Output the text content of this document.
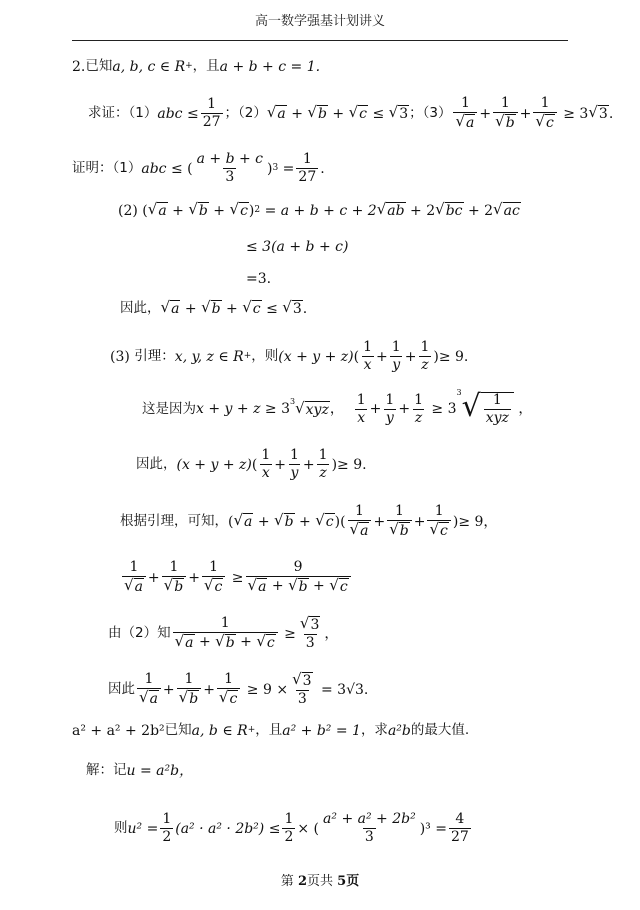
高一数学强基计划讲义
2. 已知 a, b, c ∈ R+ ，且 a + b + c = 1.
求证：（1） abc
≤ $\frac{1}{27}$ ；（2） √ a + √ b + √ c
≤
√ 3 ；（3）
1
√ a
+
1
√ b
+ $\frac{1}{√ c}$
≥ 3 √ 3 .
证明：（1） abc
≤ ( $\frac{a + b + c}{3} )^3$ =
1
27
.
(2) ( √ a + √ b + √ c )$^2$
= a + b + c + 2 √ ab
+ 2 √ bc
+ 2 √ ac
≤ 3(a + b + c)
=3.
因此， √ a + √ b + √ c ≤ √ 3 .
(3)
引理： x, y, z ∈ R+ ，则 (x + y + z) (
1
x
+
1
y
+ $\frac{1}{z}$ ) ≥ 9.
这是因为 x + y + z
≥ 3
$^3$√ xyz ，

1
x
+
1
y
+
1
z
≥ 3
$^3$√ 1
xyz
，
因此， (x + y + z) (
1
x
+
1
y
+ $\frac{1}{z}$ ) ≥ 9.
根据引理，可知， ( √ a + √ b + √ c )(
1
√ a
+
1
√ b
+ $\frac{1}{√ c}$ ) ≥ 9，
1
√ a
+
1
√ b
+
1
√ c
≥
9
√ a + √ b + √ c
由（2）知
1
√ a + √ b + √ c
≥
√ 3
3
，
因此
1
√ a
+
1
√ b
+ $\frac{1}{√ c}$
≥ $9 \times \frac{√ 3}{3}$
= 3√3.
a² + a² + 2b² 已知 a, b ∈ R+ ，且 a² + b² = 1 ，求 a²b 的最大值.
解：记 u = a²b，
则 $u^2 = \frac{1}{2} (a^2 \cdot a^2 \cdot 2b^2) \le \frac{1}{2}$ × (
a² + a² + 2b²
3
)$^3 = \frac{4}{27}$
第 2页共 5页
